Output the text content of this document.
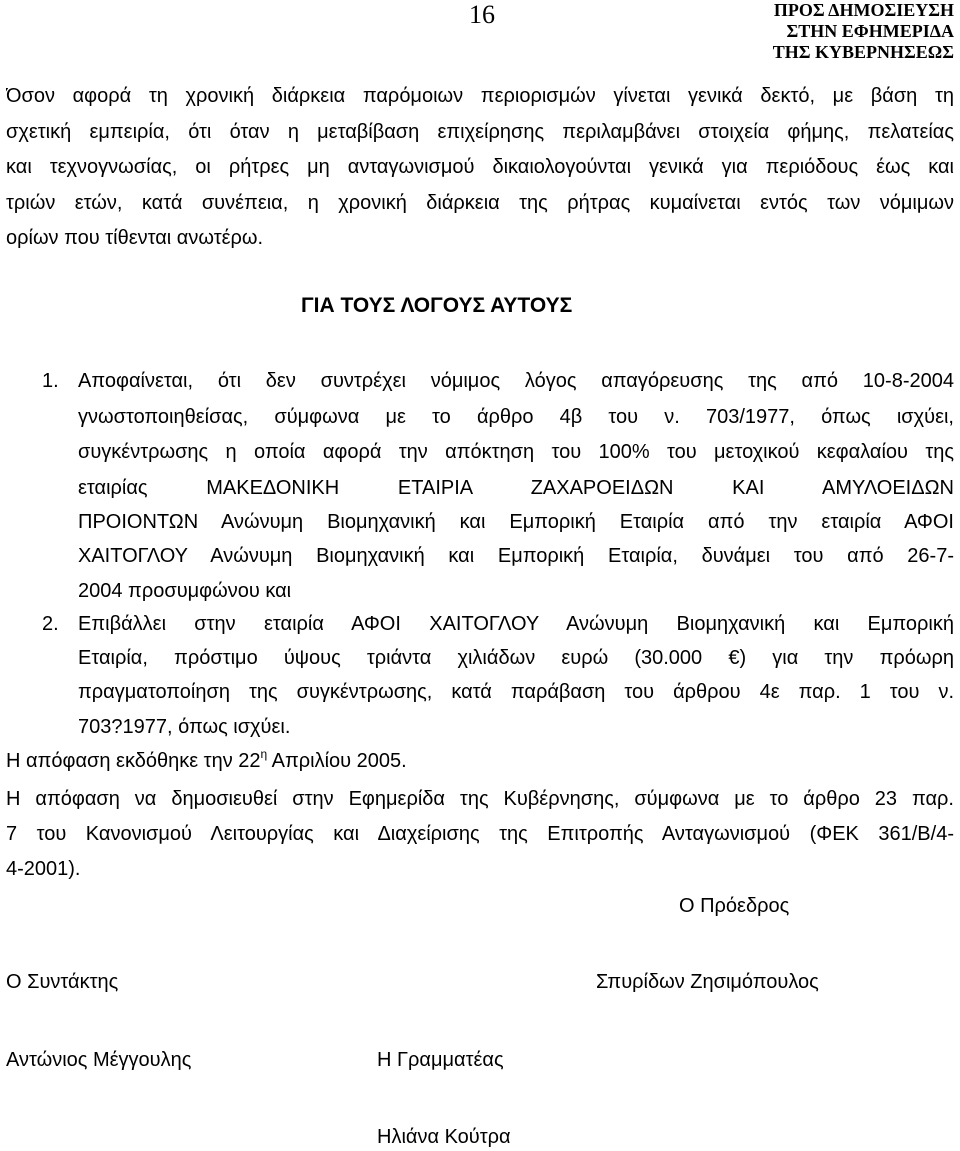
16	ΠΡΟΣ ΔΗΜΟΣΙΕΥΣΗ
ΣΤΗΝ ΕΦΗΜΕΡΙΔΑ
ΤΗΣ ΚΥΒΕΡΝΗΣΕΩΣ
Όσον αφορά τη χρονική διάρκεια παρόμοιων περιορισμών γίνεται γενικά δεκτό, με βάση τη
σχετική εμπειρία, ότι όταν η μεταβίβαση επιχείρησης περιλαμβάνει στοιχεία φήμης, πελατείας
και τεχνογνωσίας, οι ρήτρες μη ανταγωνισμού δικαιολογούνται γενικά για περιόδους έως και
τριών ετών, κατά συνέπεια, η χρονική διάρκεια της ρήτρας κυμαίνεται εντός των νόμιμων
ορίων που τίθενται ανωτέρω.
ΓΙΑ ΤΟΥΣ ΛΟΓΟΥΣ ΑΥΤΟΥΣ
1. Αποφαίνεται, ότι δεν συντρέχει νόμιμος λόγος απαγόρευσης της από 10-8-2004
γνωστοποιηθείσας, σύμφωνα με το άρθρο 4β του ν. 703/1977, όπως ισχύει,
συγκέντρωσης η οποία αφορά την απόκτηση του 100% του μετοχικού κεφαλαίου της
εταιρίας ΜΑΚΕΔΟΝΙΚΗ ΕΤΑΙΡΙΑ ΖΑΧΑΡΟΕΙΔΩΝ ΚΑΙ ΑΜΥΛΟΕΙΔΩΝ
ΠΡΟΙΟΝΤΩΝ Ανώνυμη Βιομηχανική και Εμπορική Εταιρία από την εταιρία ΑΦΟΙ
ΧΑΙΤΟΓΛΟΥ Ανώνυμη Βιομηχανική και Εμπορική Εταιρία, δυνάμει του από 26-7-
2004 προσυμφώνου και
2. Επιβάλλει στην εταιρία ΑΦΟΙ ΧΑΙΤΟΓΛΟΥ Ανώνυμη Βιομηχανική και Εμπορική
Εταιρία, πρόστιμο ύψους τριάντα χιλιάδων ευρώ (30.000 €) για την πρόωρη
πραγματοποίηση της συγκέντρωσης, κατά παράβαση του άρθρου 4ε παρ. 1 του ν.
703?1977, όπως ισχύει.
Η απόφαση εκδόθηκε την $22^\eta$ Απριλίου 2005.
Η απόφαση να δημοσιευθεί στην Εφημερίδα της Κυβέρνησης, σύμφωνα με το άρθρο 23 παρ.
7 του Κανονισμού Λειτουργίας και Διαχείρισης της Επιτροπής Ανταγωνισμού (ΦΕΚ 361/Β/4-
4-2001).
Ο Πρόεδρος
Ο Συντάκτης	Σπυρίδων Ζησιμόπουλος
Αντώνιος Μέγγουλης	Η Γραμματέας
Ηλιάνα Κούτρα
